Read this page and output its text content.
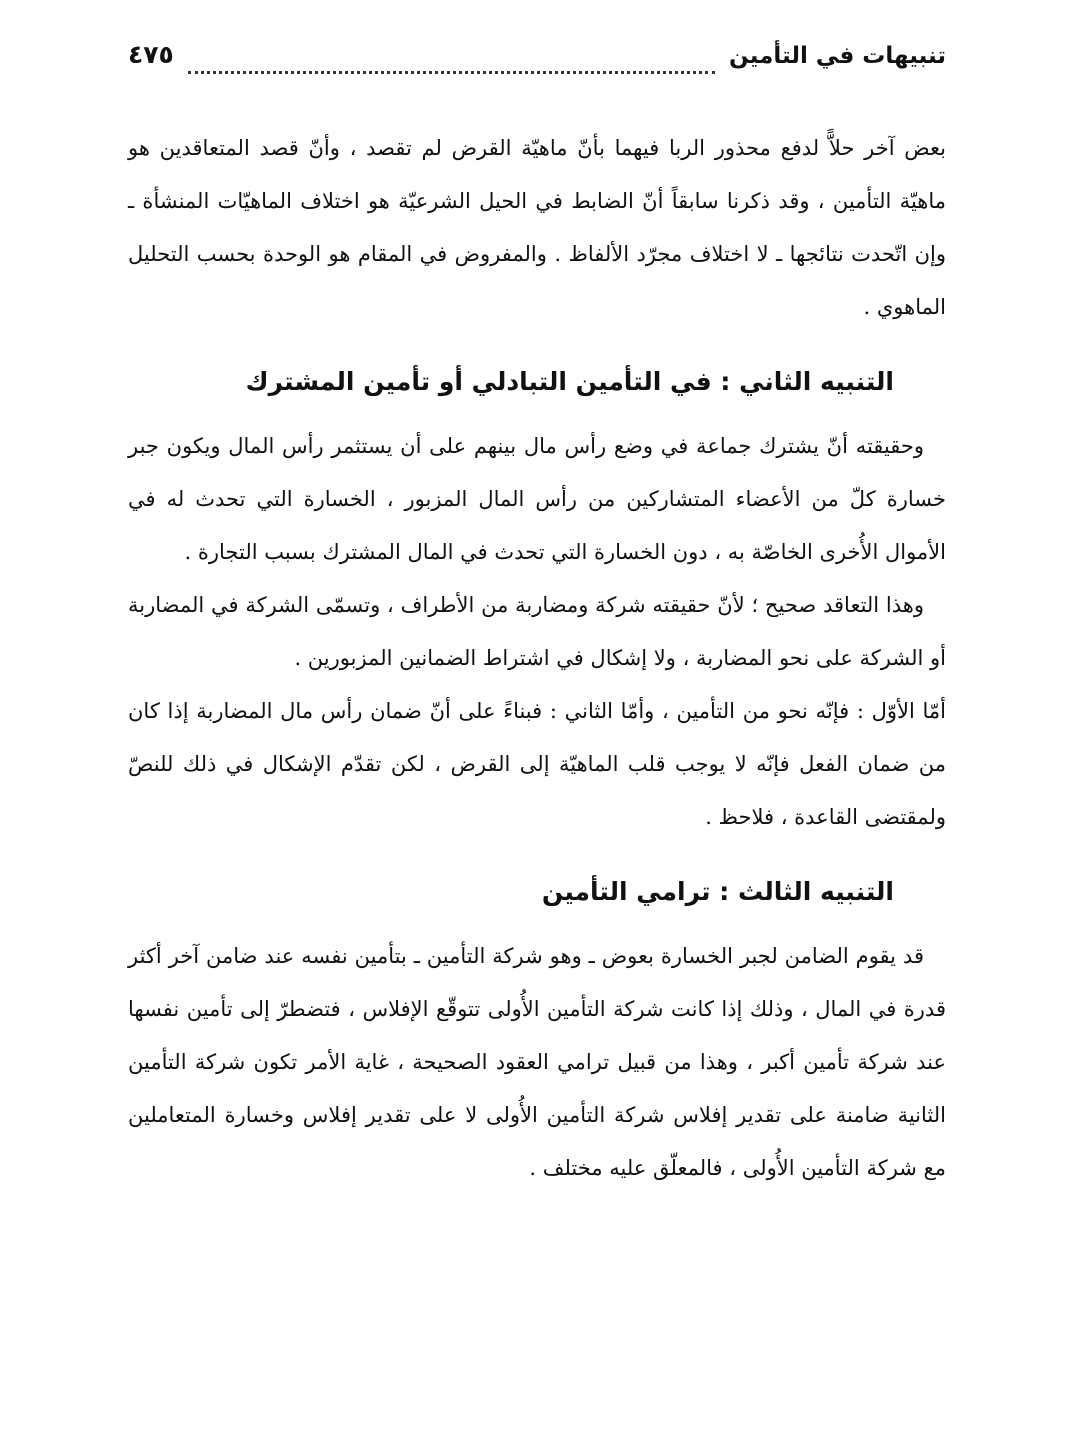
تنبيهات في التأمين
٤٧٥

بعض آخر حلاًّ لدفع محذور الربا فيهما بأنّ ماهيّة القرض لم تقصد ، وأنّ قصد المتعاقدين هو ماهيّة التأمين ، وقد ذكرنا سابقاً أنّ الضابط في الحيل الشرعيّة هو اختلاف الماهيّات المنشأة ـ وإن اتّحدت نتائجها ـ لا اختلاف مجرّد الألفاظ . والمفروض في المقام هو الوحدة بحسب التحليل الماهوي .

التنبيه الثاني : في التأمين التبادلي أو تأمين المشترك

وحقيقته أنّ يشترك جماعة في وضع رأس مال بينهم على أن يستثمر رأس المال ويكون جبر خسارة كلّ من الأعضاء المتشاركين من رأس المال المزبور ، الخسارة التي تحدث له في الأموال الأُخرى الخاصّة به ، دون الخسارة التي تحدث في المال المشترك بسبب التجارة .

وهذا التعاقد صحيح ؛ لأنّ حقيقته شركة ومضاربة من الأطراف ، وتسمّى الشركة في المضاربة أو الشركة على نحو المضاربة ، ولا إشكال في اشتراط الضمانين المزبورين .

أمّا الأوّل : فإنّه نحو من التأمين ، وأمّا الثاني : فبناءً على أنّ ضمان رأس مال المضاربة إذا كان من ضمان الفعل فإنّه لا يوجب قلب الماهيّة إلى القرض ، لكن تقدّم الإشكال في ذلك للنصّ ولمقتضى القاعدة ، فلاحظ .

التنبيه الثالث : ترامي التأمين

قد يقوم الضامن لجبر الخسارة بعوض ـ وهو شركة التأمين ـ بتأمين نفسه عند ضامن آخر أكثر قدرة في المال ، وذلك إذا كانت شركة التأمين الأُولى تتوقّع الإفلاس ، فتضطرّ إلى تأمين نفسها عند شركة تأمين أكبر ، وهذا من قبيل ترامي العقود الصحيحة ، غاية الأمر تكون شركة التأمين الثانية ضامنة على تقدير إفلاس شركة التأمين الأُولى لا على تقدير إفلاس وخسارة المتعاملين مع شركة التأمين الأُولى ، فالمعلّق عليه مختلف .
